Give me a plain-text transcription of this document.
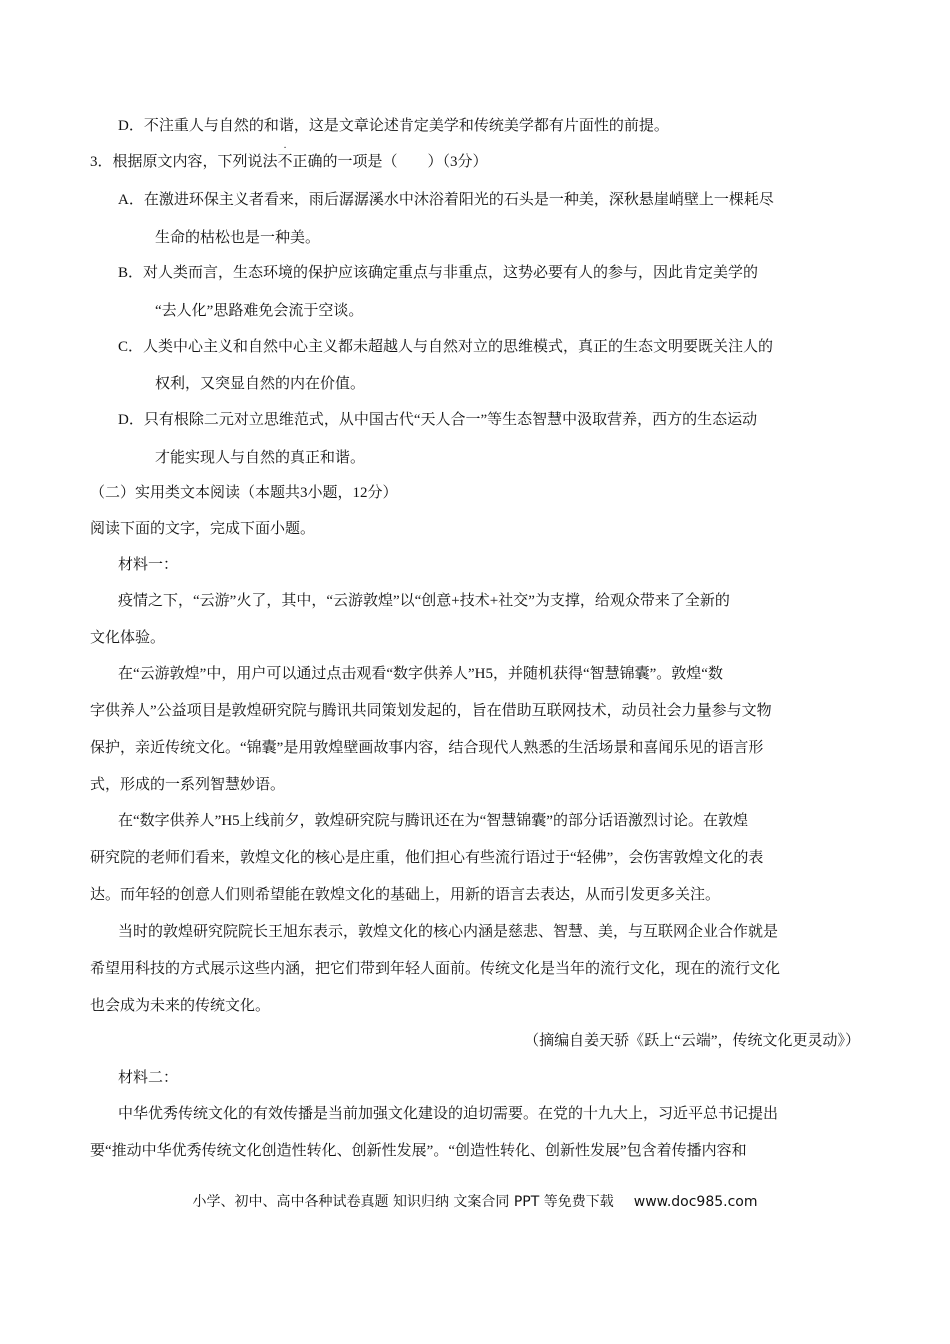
D．不注重人与自然的和谐，这是文章论述肯定美学和传统美学都有片面性的前提。
3．根据原文内容，下列说法
·
不正确的一项是（　　）（3分）
A．在激进环保主义者看来，雨后潺潺溪水中沐浴着阳光的石头是一种美，深秋悬崖峭壁上一棵耗尽
生命的枯松也是一种美。
B．对人类而言，生态环境的保护应该确定重点与非重点，这势必要有人的参与，因此肯定美学的
“去人化”思路难免会流于空谈。
C．人类中心主义和自然中心主义都未超越人与自然对立的思维模式，真正的生态文明要既关注人的
权利，又突显自然的内在价值。
D．只有根除二元对立思维范式，从中国古代“天人合一”等生态智慧中汲取营养，西方的生态运动
才能实现人与自然的真正和谐。
（二）实用类文本阅读（本题共3小题，12分）
阅读下面的文字，完成下面小题。
材料一：
疫情之下，“云游”火了，其中，“云游敦煌”以“创意+技术+社交”为支撑，给观众带来了全新的
文化体验。
在“云游敦煌”中，用户可以通过点击观看“数字供养人”H5，并随机获得“智慧锦囊”。敦煌“数
字供养人”公益项目是敦煌研究院与腾讯共同策划发起的，旨在借助互联网技术，动员社会力量参与文物
保护，亲近传统文化。“锦囊”是用敦煌壁画故事内容，结合现代人熟悉的生活场景和喜闻乐见的语言形
式，形成的一系列智慧妙语。
在“数字供养人”H5上线前夕，敦煌研究院与腾讯还在为“智慧锦囊”的部分话语激烈讨论。在敦煌
研究院的老师们看来，敦煌文化的核心是庄重，他们担心有些流行语过于“轻佛”，会伤害敦煌文化的表
达。而年轻的创意人们则希望能在敦煌文化的基础上，用新的语言去表达，从而引发更多关注。
当时的敦煌研究院院长王旭东表示，敦煌文化的核心内涵是慈悲、智慧、美，与互联网企业合作就是
希望用科技的方式展示这些内涵，把它们带到年轻人面前。传统文化是当年的流行文化，现在的流行文化
也会成为未来的传统文化。
（摘编自姜天骄《跃上“云端”，传统文化更灵动》）
材料二：
中华优秀传统文化的有效传播是当前加强文化建设的迫切需要。在党的十九大上，习近平总书记提出
要“推动中华优秀传统文化创造性转化、创新性发展”。“创造性转化、创新性发展”包含着传播内容和
小学、初中、高中各种试卷真题 知识归纳 文案合同 PPT 等免费下载 www.doc985.com
